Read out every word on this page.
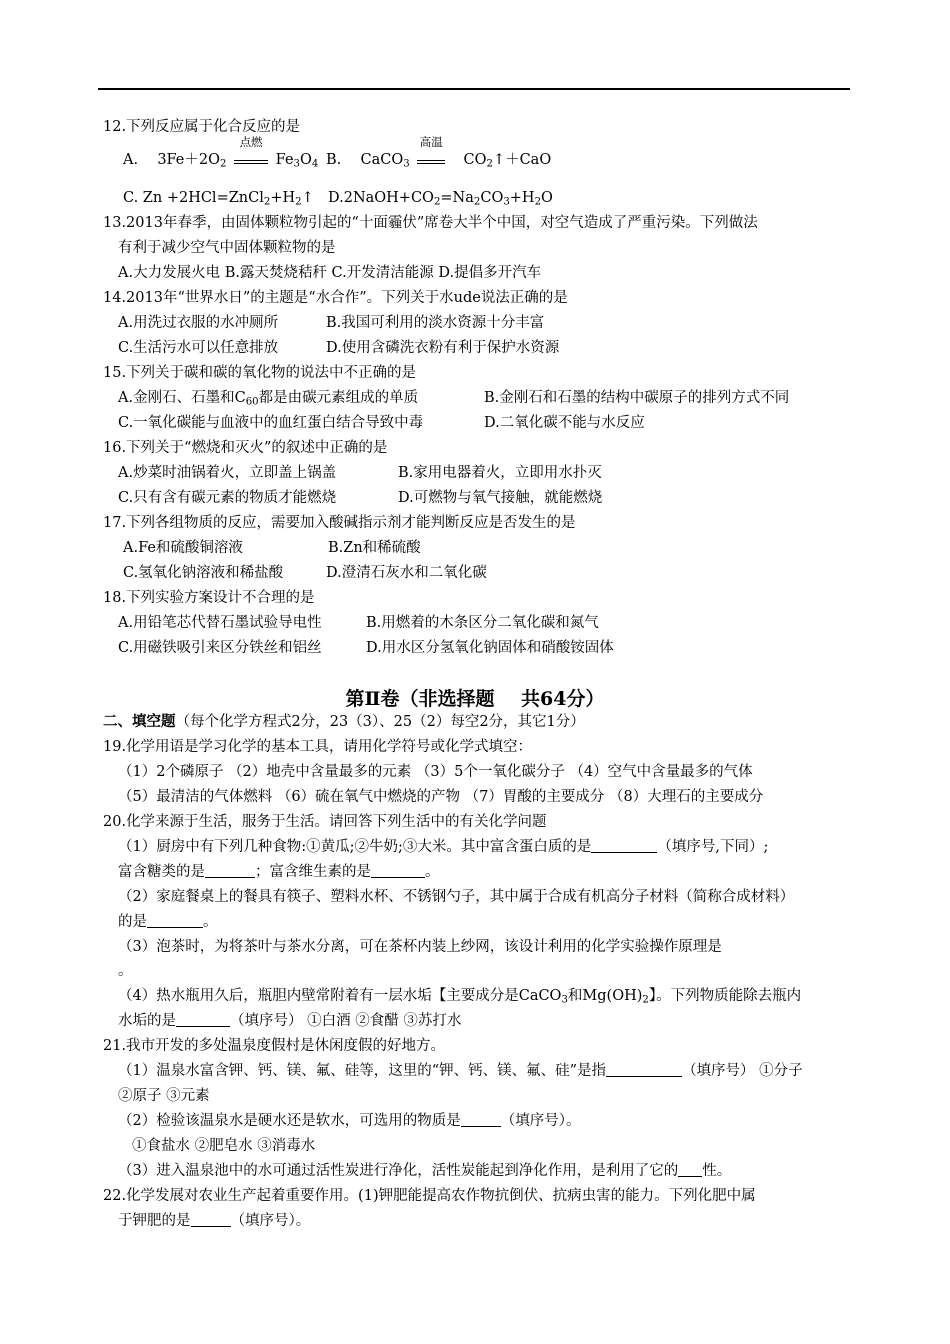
12.下列反应属于化合反应的是
A. $3Fe+2O_2$
点燃
$Fe_3O_4$ B. CaCO$_3$
高温
$CO_2↑+CaO$
C. $Zn +2HCl=ZnCl_2+H_2↑$ $D.2NaOH+CO_2=Na_2CO_3+H_2O$
13.2013年春季，由固体颗粒物引起的“十面霾伏”席卷大半个中国，对空气造成了严重污染。下列做法
有利于减少空气中固体颗粒物的是
A.大力发展火电 B.露天焚烧秸秆 C.开发清洁能源 D.提倡多开汽车
14.2013年“世界水日”的主题是“水合作”。下列关于水ude说法正确的是
A.用洗过衣服的水冲厕所	B.我国可利用的淡水资源十分丰富
C.生活污水可以任意排放	D.使用含磷洗衣粉有利于保护水资源
15.下列关于碳和碳的氧化物的说法中不正确的是
A.金刚石、石墨和$C_{60}$都是由碳元素组成的单质	B.金刚石和石墨的结构中碳原子的排列方式不同
C.一氧化碳能与血液中的血红蛋白结合导致中毒	D.二氧化碳不能与水反应
16.下列关于“燃烧和灭火”的叙述中正确的是
A.炒菜时油锅着火，立即盖上锅盖	B.家用电器着火，立即用水扑灭
C.只有含有碳元素的物质才能燃烧	D.可燃物与氧气接触，就能燃烧
17.下列各组物质的反应，需要加入酸碱指示剂才能判断反应是否发生的是
A.Fe和硫酸铜溶液	B.Zn和稀硫酸
C.氢氧化钠溶液和稀盐酸	D.澄清石灰水和二氧化碳
18.下列实验方案设计不合理的是
A.用铅笔芯代替石墨试验导电性	B.用燃着的木条区分二氧化碳和氮气
C.用磁铁吸引来区分铁丝和铝丝	D.用水区分氢氧化钠固体和硝酸铵固体
第Ⅱ卷（非选择题    共64分）
二、填空题（每个化学方程式2分，23（3）、25（2）每空2分，其它1分）
19.化学用语是学习化学的基本工具，请用化学符号或化学式填空：
（1）2个磷原子 （2）地壳中含量最多的元素 （3）5个一氧化碳分子 （4）空气中含量最多的气体
（5）最清洁的气体燃料 （6）硫在氧气中燃烧的产物 （7）胃酸的主要成分 （8）大理石的主要成分
20.化学来源于生活，服务于生活。请回答下列生活中的有关化学问题
（1）厨房中有下列几种食物:①黄瓜;②牛奶;③大米。其中富含蛋白质的是	（填序号,下同）;
富含糖类的是	；富含维生素的是	。
（2）家庭餐桌上的餐具有筷子、塑料水杯、不锈钢勺子，其中属于合成有机高分子材料（简称合成材料）
的是	。
（3）泡茶时，为将茶叶与茶水分离，可在茶杯内装上纱网，该设计利用的化学实验操作原理是
。
（4）热水瓶用久后，瓶胆内壁常附着有一层水垢【主要成分是CaCO$_3$和$Mg(OH)_2$】。下列物质能除去瓶内
水垢的是	（填序号） ①白酒 ②食醋 ③苏打水
21.我市开发的多处温泉度假村是休闲度假的好地方。
（1）温泉水富含钾、钙、镁、氟、硅等，这里的“钾、钙、镁、氟、硅”是指	（填序号） ①分子
②原子 ③元素
（2）检验该温泉水是硬水还是软水，可选用的物质是	（填序号）。
①食盐水 ②肥皂水 ③消毒水
（3）进入温泉池中的水可通过活性炭进行净化，活性炭能起到净化作用，是利用了它的 性。
22.化学发展对农业生产起着重要作用。(1)钾肥能提高农作物抗倒伏、抗病虫害的能力。下列化肥中属
于钾肥的是	（填序号）。
